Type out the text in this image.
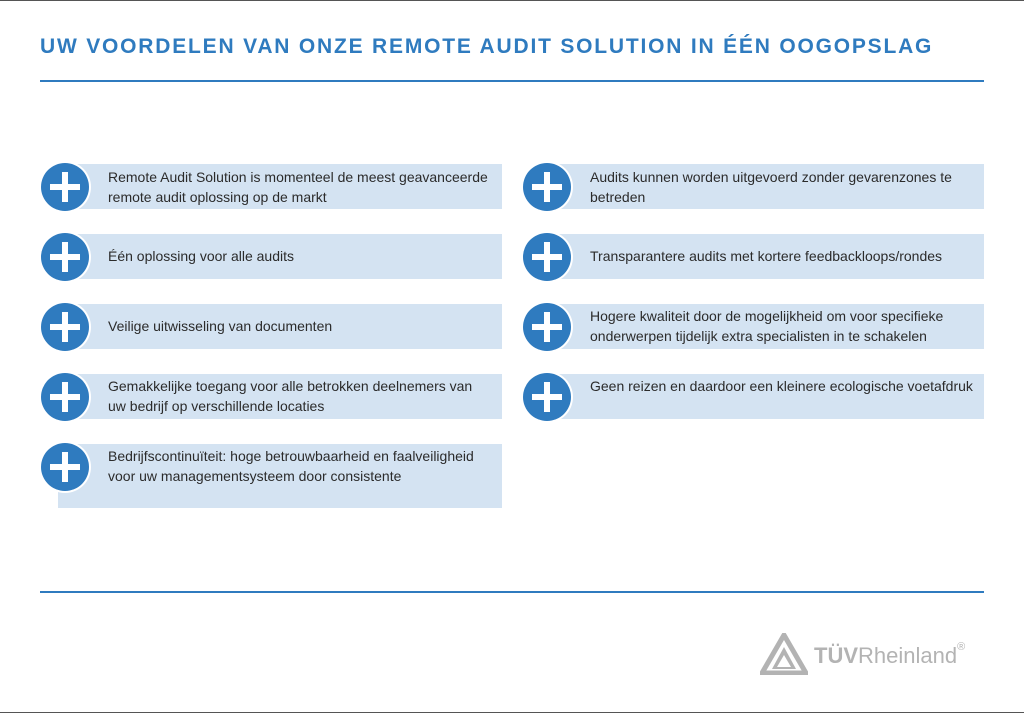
UW VOORDELEN VAN ONZE REMOTE AUDIT SOLUTION IN ÉÉN OOGOPSLAG
Remote Audit Solution is momenteel de meest geavanceerde remote audit oplossing op de markt
Één oplossing voor alle audits
Veilige uitwisseling van documenten
Gemakkelijke toegang voor alle betrokken deelnemers van uw bedrijf op verschillende locaties
Bedrijfscontinuïteit: hoge betrouwbaarheid en faalveiligheid voor uw managementsysteem door consistente
Audits kunnen worden uitgevoerd zonder gevarenzones te betreden
Transparantere audits met kortere feedbackloops/rondes
Hogere kwaliteit door de mogelijkheid om voor specifieke onderwerpen tijdelijk extra specialisten in te schakelen
Geen reizen en daardoor een kleinere ecologische voetafdruk
TÜVRheinland®
